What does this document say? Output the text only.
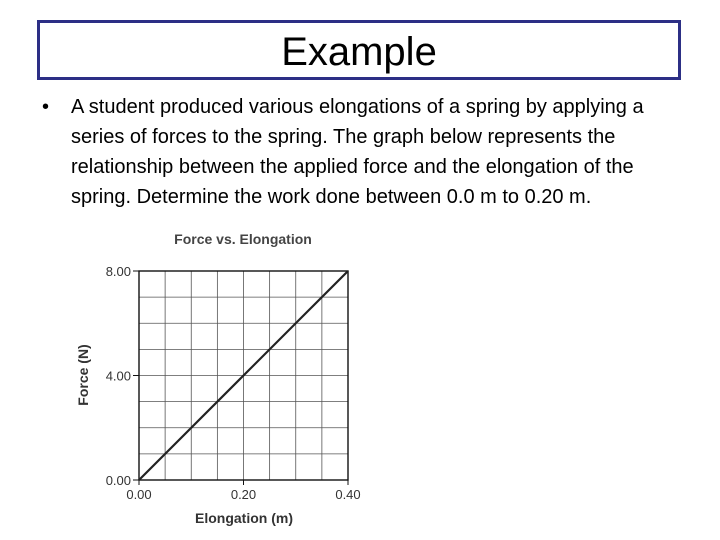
Example
•	A student produced various elongations of a spring by applying a series of forces to the spring. The graph below represents the relationship between the applied force and the elongation of the spring. Determine the work done between 0.0 m to 0.20 m.
Force vs. Elongation
0.00
4.00
8.00
0.00	0.20	0.40
Elongation (m)
Force (N)
